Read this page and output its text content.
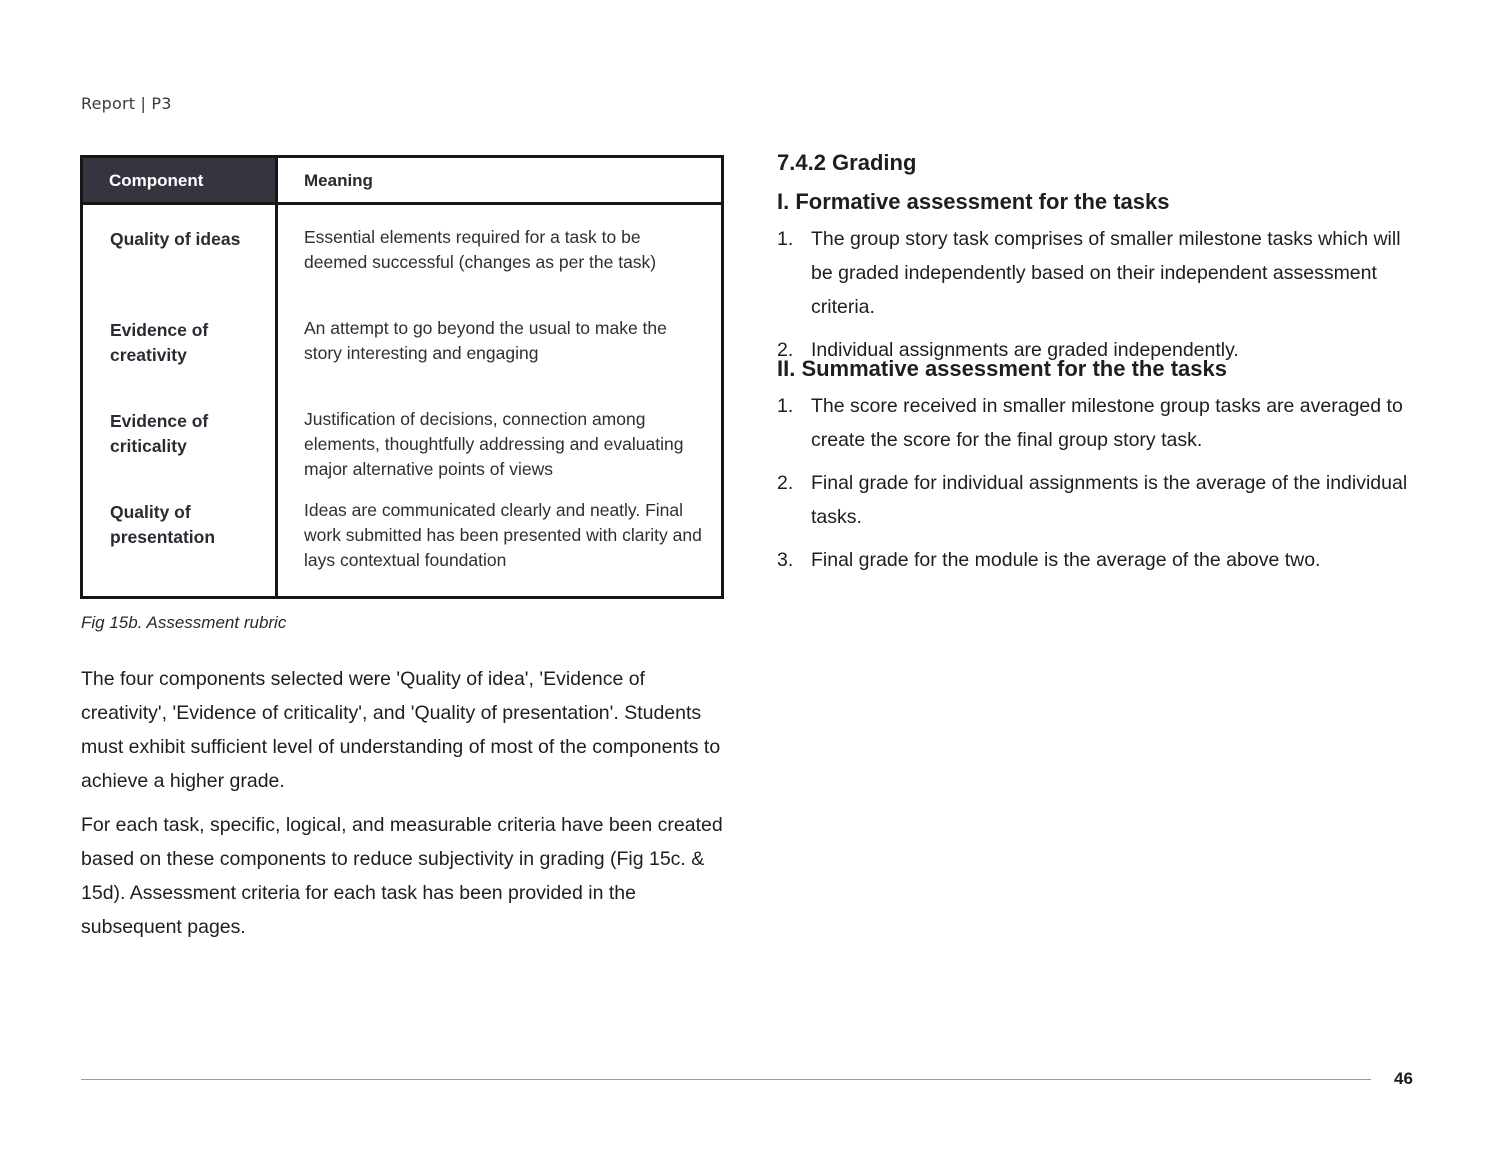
Report | P3
Component	Meaning
Quality of ideas
Evidence of creativity
Evidence of criticality
Quality of presentation
Essential elements required for a task to be deemed successful (changes as per the task)
An attempt to go beyond the usual to make the story interesting and engaging
Justification of decisions, connection among elements, thoughtfully addressing and evaluating major alternative points of views
Ideas are communicated clearly and neatly. Final work submitted has been presented with clarity and lays contextual foundation
Fig 15b. Assessment rubric
The four components selected were 'Quality of idea', 'Evidence of creativity', 'Evidence of criticality', and 'Quality of presentation'. Students must exhibit sufficient level of understanding of most of the components to achieve a higher grade.
For each task, specific, logical, and measurable criteria have been created based on these components to reduce subjectivity in grading (Fig 15c. & 15d). Assessment criteria for each task has been provided in the subsequent pages.
7.4.2 Grading
I. Formative assessment for the tasks
1. The group story task comprises of smaller milestone tasks which will be graded independently based on their independent assessment criteria.
2. Individual assignments are graded independently.
II. Summative assessment for the the tasks
1. The score received in smaller milestone group tasks are averaged to create the score for the final group story task.
2. Final grade for individual assignments is the average of the individual tasks.
3. Final grade for the module is the average of the above two.
46
